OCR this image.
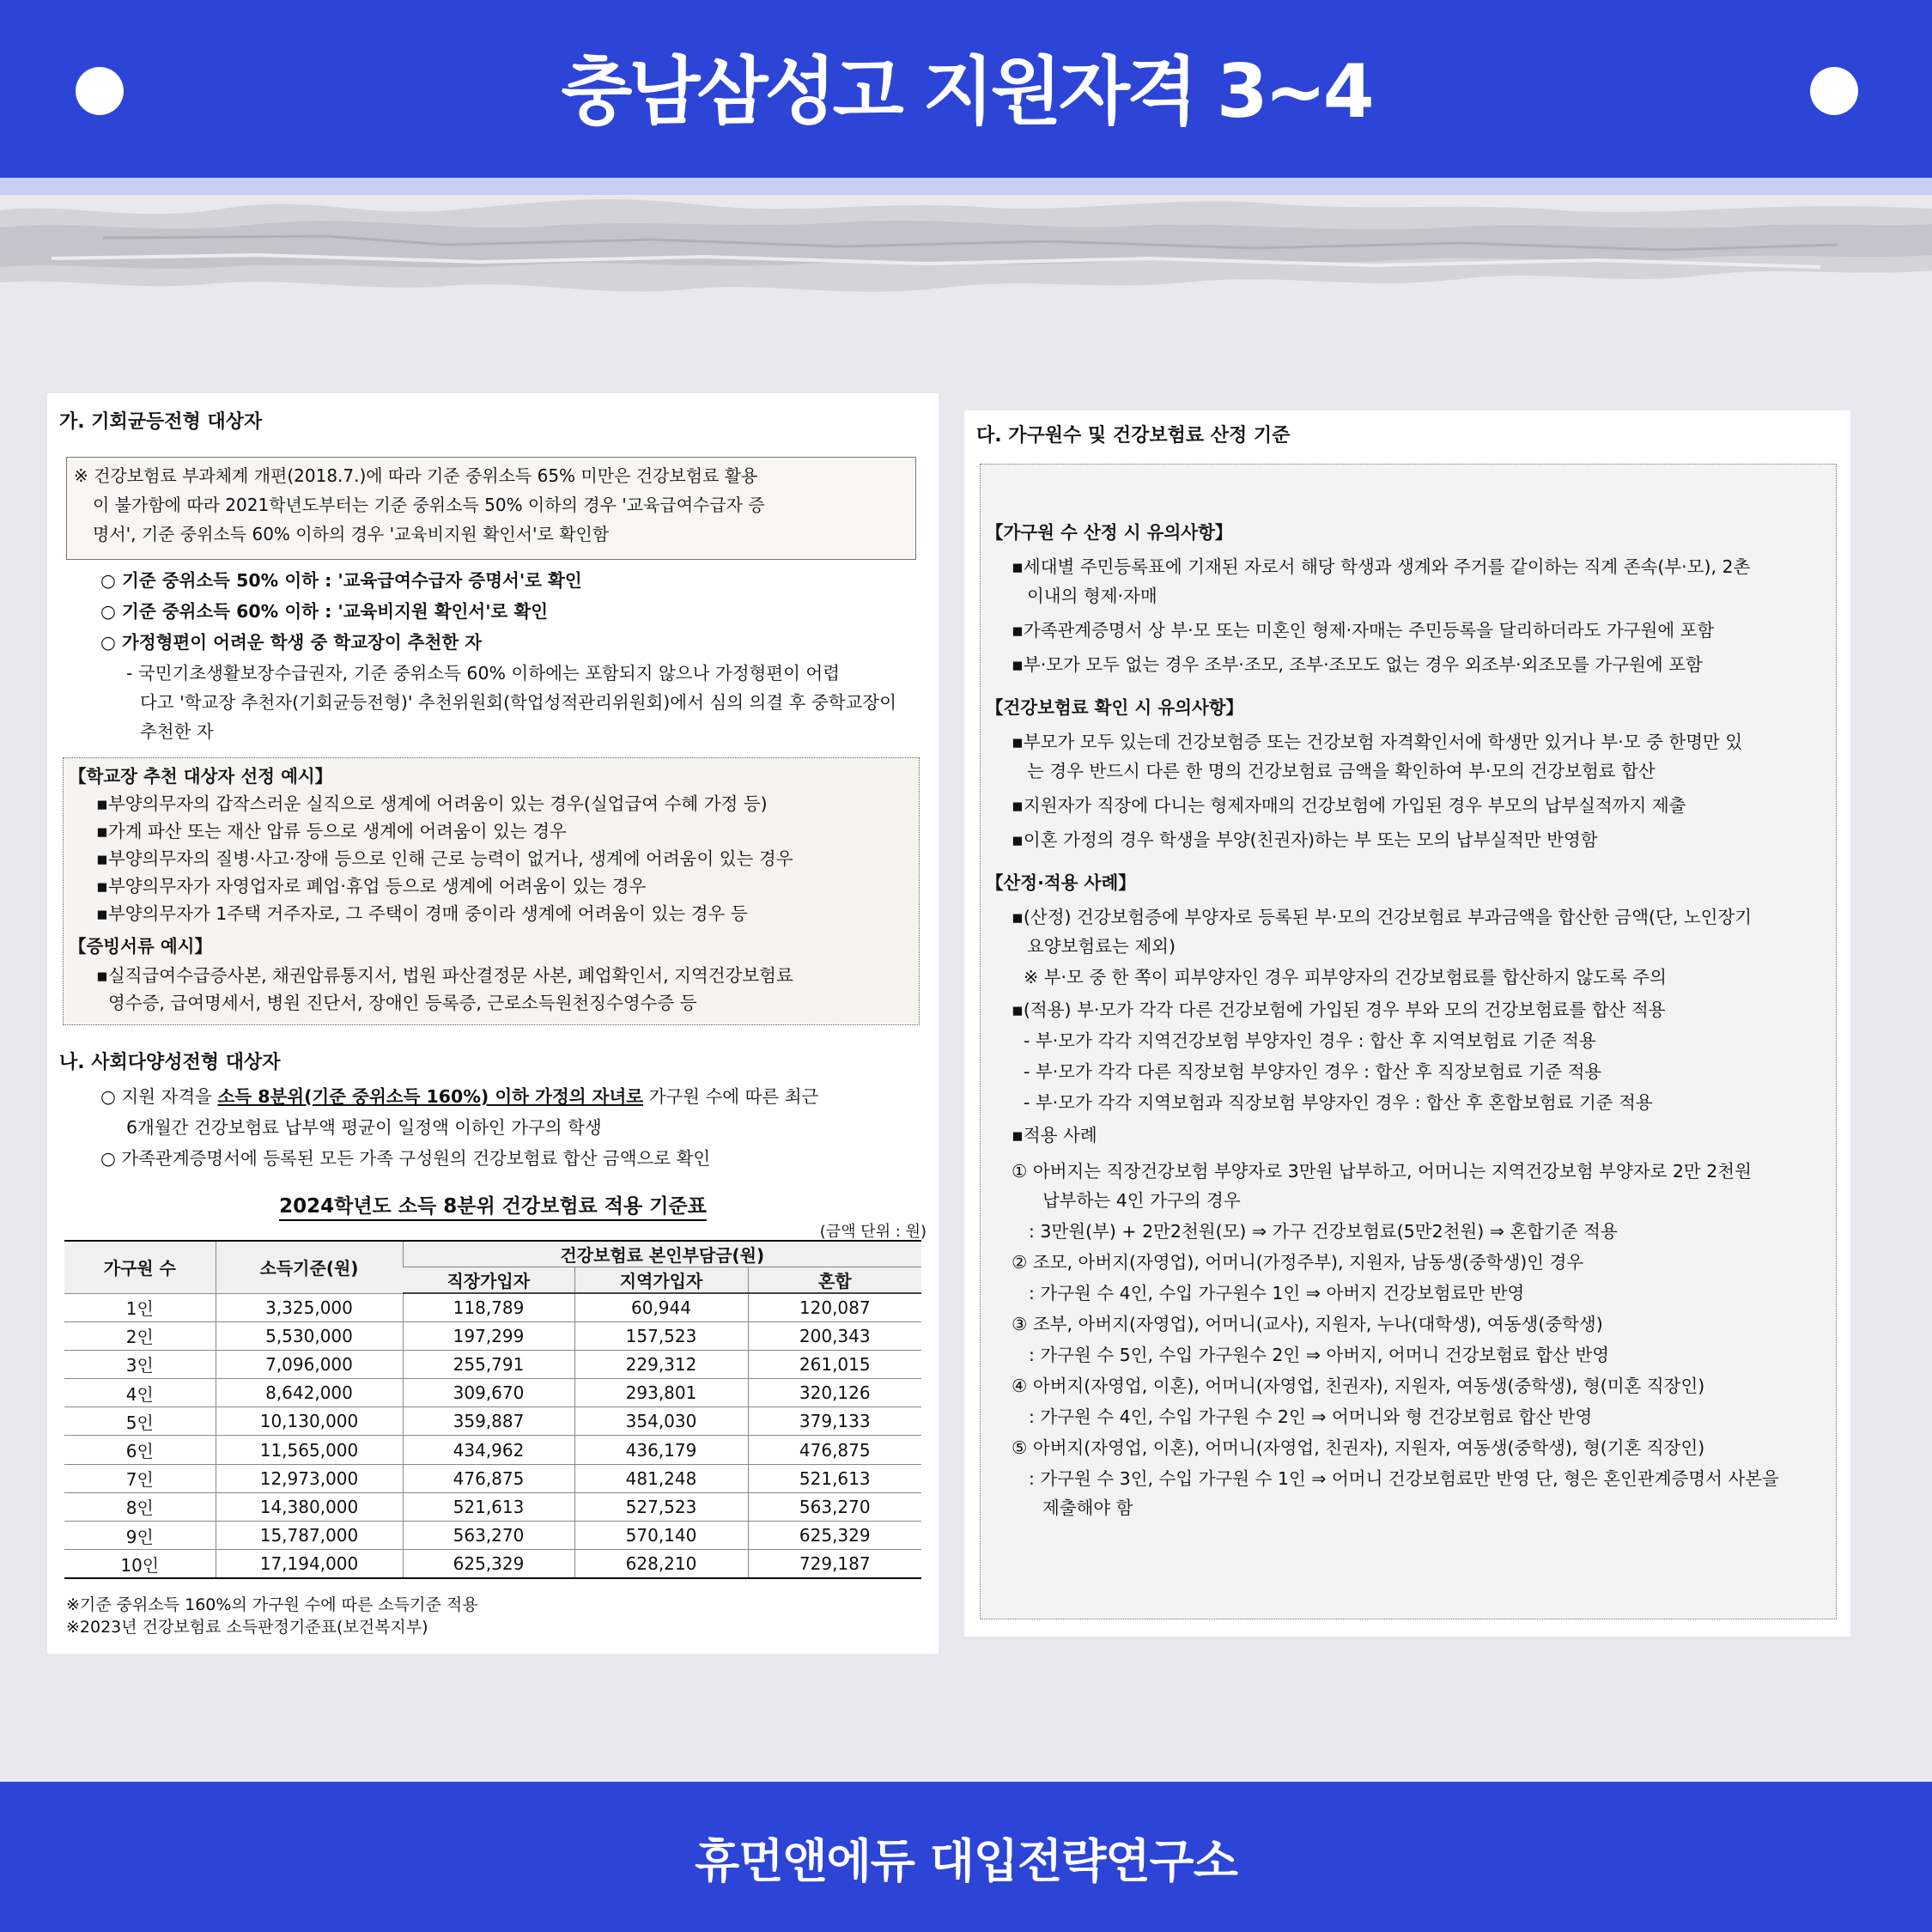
충남삼성고 지원자격 3~4
가. 기회균등전형 대상자
※ 건강보험료 부과체계 개편(2018.7.)에 따라 기준 중위소득 65% 미만은 건강보험료 활용
이 불가함에 따라 2021학년도부터는 기준 중위소득 50% 이하의 경우 '교육급여수급자 증
명서', 기준 중위소득 60% 이하의 경우 '교육비지원 확인서'로 확인함
○ 기준 중위소득 50% 이하 : '교육급여수급자 증명서'로 확인
○ 기준 중위소득 60% 이하 : '교육비지원 확인서'로 확인
○ 가정형편이 어려운 학생 중 학교장이 추천한 자
- 국민기초생활보장수급권자, 기준 중위소득 60% 이하에는 포함되지 않으나 가정형편이 어렵
다고 '학교장 추천자(기회균등전형)' 추천위원회(학업성적관리위원회)에서 심의 의결 후 중학교장이
추천한 자
【학교장 추천 대상자 선정 예시】
▪부양의무자의 갑작스러운 실직으로 생계에 어려움이 있는 경우(실업급여 수혜 가정 등)
▪가계 파산 또는 재산 압류 등으로 생계에 어려움이 있는 경우
▪부양의무자의 질병·사고·장애 등으로 인해 근로 능력이 없거나, 생계에 어려움이 있는 경우
▪부양의무자가 자영업자로 폐업·휴업 등으로 생계에 어려움이 있는 경우
▪부양의무자가 1주택 거주자로, 그 주택이 경매 중이라 생계에 어려움이 있는 경우 등
【증빙서류 예시】
▪실직급여수급증사본, 채권압류통지서, 법원 파산결정문 사본, 폐업확인서, 지역건강보험료
영수증, 급여명세서, 병원 진단서, 장애인 등록증, 근로소득원천징수영수증 등
나. 사회다양성전형 대상자
○ 지원 자격을 소득 8분위(기준 중위소득 160%) 이하 가정의 자녀로 가구원 수에 따른 최근
6개월간 건강보험료 납부액 평균이 일정액 이하인 가구의 학생
○ 가족관계증명서에 등록된 모든 가족 구성원의 건강보험료 합산 금액으로 확인
2024학년도 소득 8분위 건강보험료 적용 기준표
(금액 단위 : 원)
가구원 수	소득기준(원)	건강보험료 본인부담금(원)		
		직장가입자	지역가입자	혼합
1인	3,325,000	118,789	60,944	120,087
2인	5,530,000	197,299	157,523	200,343
3인	7,096,000	255,791	229,312	261,015
4인	8,642,000	309,670	293,801	320,126
5인	10,130,000	359,887	354,030	379,133
6인	11,565,000	434,962	436,179	476,875
7인	12,973,000	476,875	481,248	521,613
8인	14,380,000	521,613	527,523	563,270
9인	15,787,000	563,270	570,140	625,329
10인	17,194,000	625,329	628,210	729,187
※기준 중위소득 160%의 가구원 수에 따른 소득기준 적용
※2023년 건강보험료 소득판정기준표(보건복지부)
다. 가구원수 및 건강보험료 산정 기준
【가구원 수 산정 시 유의사항】
▪세대별 주민등록표에 기재된 자로서 해당 학생과 생계와 주거를 같이하는 직계 존속(부·모), 2촌
이내의 형제·자매
▪가족관계증명서 상 부·모 또는 미혼인 형제·자매는 주민등록을 달리하더라도 가구원에 포함
▪부·모가 모두 없는 경우 조부·조모, 조부·조모도 없는 경우 외조부·외조모를 가구원에 포함
【건강보험료 확인 시 유의사항】
▪부모가 모두 있는데 건강보험증 또는 건강보험 자격확인서에 학생만 있거나 부·모 중 한명만 있
는 경우 반드시 다른 한 명의 건강보험료 금액을 확인하여 부·모의 건강보험료 합산
▪지원자가 직장에 다니는 형제자매의 건강보험에 가입된 경우 부모의 납부실적까지 제출
▪이혼 가정의 경우 학생을 부양(친권자)하는 부 또는 모의 납부실적만 반영함
【산정·적용 사례】
▪(산정) 건강보험증에 부양자로 등록된 부·모의 건강보험료 부과금액을 합산한 금액(단, 노인장기
요양보험료는 제외)
※ 부·모 중 한 쪽이 피부양자인 경우 피부양자의 건강보험료를 합산하지 않도록 주의
▪(적용) 부·모가 각각 다른 건강보험에 가입된 경우 부와 모의 건강보험료를 합산 적용
- 부·모가 각각 지역건강보험 부양자인 경우 : 합산 후 지역보험료 기준 적용
- 부·모가 각각 다른 직장보험 부양자인 경우 : 합산 후 직장보험료 기준 적용
- 부·모가 각각 지역보험과 직장보험 부양자인 경우 : 합산 후 혼합보험료 기준 적용
▪적용 사례
① 아버지는 직장건강보험 부양자로 3만원 납부하고, 어머니는 지역건강보험 부양자로 2만 2천원
납부하는 4인 가구의 경우
: 3만원(부) + 2만2천원(모) ⇒ 가구 건강보험료(5만2천원) ⇒ 혼합기준 적용
② 조모, 아버지(자영업), 어머니(가정주부), 지원자, 남동생(중학생)인 경우
: 가구원 수 4인, 수입 가구원수 1인 ⇒ 아버지 건강보험료만 반영
③ 조부, 아버지(자영업), 어머니(교사), 지원자, 누나(대학생), 여동생(중학생)
: 가구원 수 5인, 수입 가구원수 2인 ⇒ 아버지, 어머니 건강보험료 합산 반영
④ 아버지(자영업, 이혼), 어머니(자영업, 친권자), 지원자, 여동생(중학생), 형(미혼 직장인)
: 가구원 수 4인, 수입 가구원 수 2인 ⇒ 어머니와 형 건강보험료 합산 반영
⑤ 아버지(자영업, 이혼), 어머니(자영업, 친권자), 지원자, 여동생(중학생), 형(기혼 직장인)
: 가구원 수 3인, 수입 가구원 수 1인 ⇒ 어머니 건강보험료만 반영 단, 형은 혼인관계증명서 사본을
제출해야 함
휴먼앤에듀 대입전략연구소
